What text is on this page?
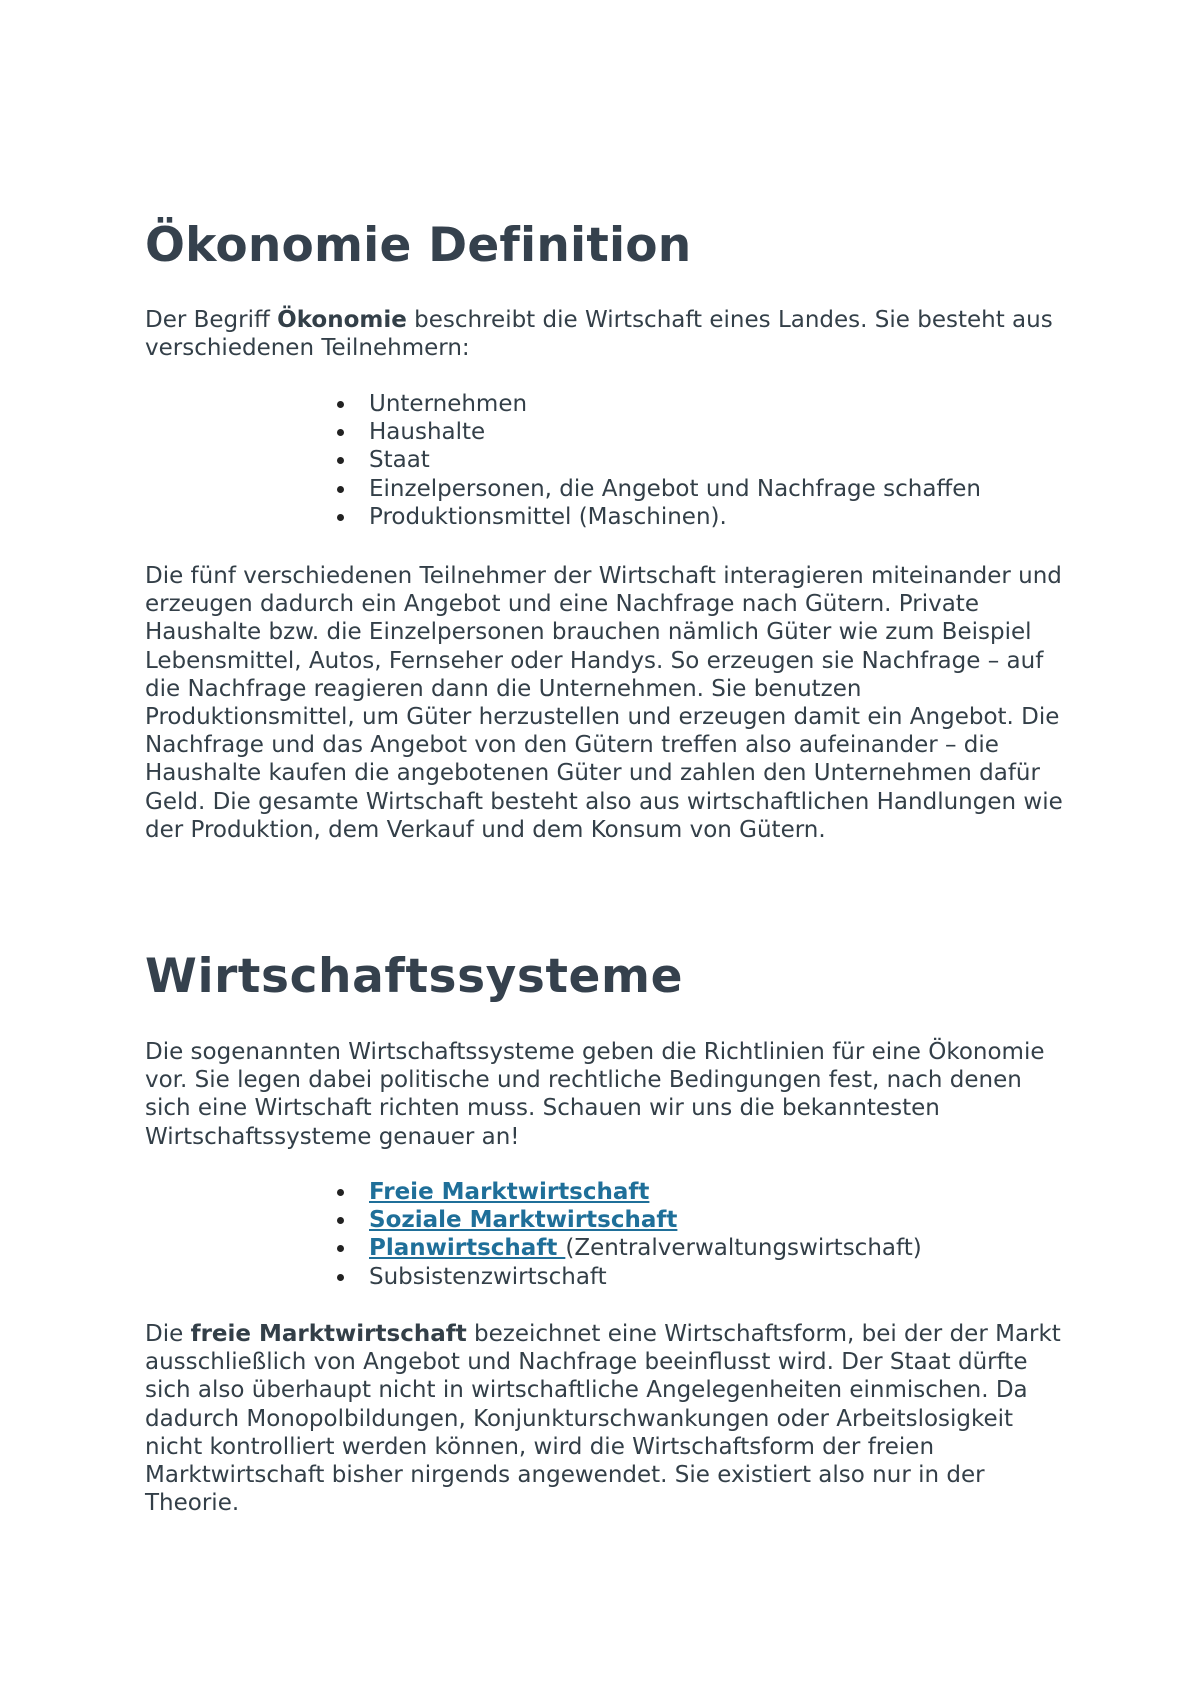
Ökonomie Definition

Der Begriff Ökonomie beschreibt die Wirtschaft eines Landes. Sie besteht aus verschiedenen Teilnehmern:

Unternehmen
Haushalte
Staat
Einzelpersonen, die Angebot und Nachfrage schaffen
Produktionsmittel (Maschinen).

Die fünf verschiedenen Teilnehmer der Wirtschaft interagieren miteinander und erzeugen dadurch ein Angebot und eine Nachfrage nach Gütern. Private Haushalte bzw. die Einzelpersonen brauchen nämlich Güter wie zum Beispiel Lebensmittel, Autos, Fernseher oder Handys. So erzeugen sie Nachfrage – auf die Nachfrage reagieren dann die Unternehmen. Sie benutzen Produktionsmittel, um Güter herzustellen und erzeugen damit ein Angebot. Die Nachfrage und das Angebot von den Gütern treffen also aufeinander – die Haushalte kaufen die angebotenen Güter und zahlen den Unternehmen dafür Geld. Die gesamte Wirtschaft besteht also aus wirtschaftlichen Handlungen wie der Produktion, dem Verkauf und dem Konsum von Gütern.

Wirtschaftssysteme

Die sogenannten Wirtschaftssysteme geben die Richtlinien für eine Ökonomie vor. Sie legen dabei politische und rechtliche Bedingungen fest, nach denen sich eine Wirtschaft richten muss. Schauen wir uns die bekanntesten Wirtschaftssysteme genauer an!

Freie Marktwirtschaft
Soziale Marktwirtschaft
Planwirtschaft (Zentralverwaltungswirtschaft)
Subsistenzwirtschaft

Die freie Marktwirtschaft bezeichnet eine Wirtschaftsform, bei der der Markt ausschließlich von Angebot und Nachfrage beeinflusst wird. Der Staat dürfte sich also überhaupt nicht in wirtschaftliche Angelegenheiten einmischen. Da dadurch Monopolbildungen, Konjunkturschwankungen oder Arbeitslosigkeit nicht kontrolliert werden können, wird die Wirtschaftsform der freien Marktwirtschaft bisher nirgends angewendet. Sie existiert also nur in der Theorie.
